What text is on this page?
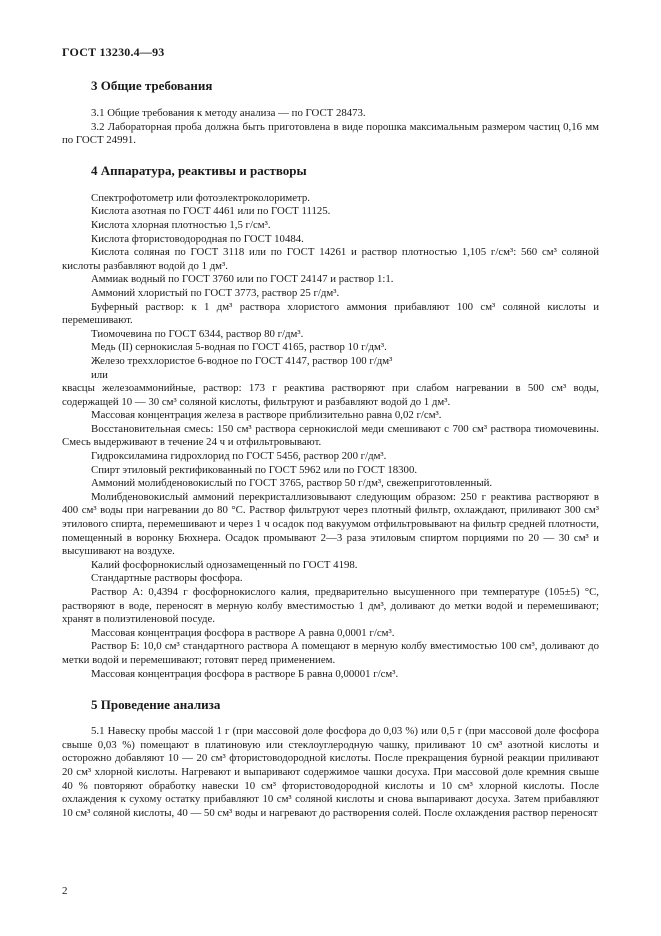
ГОСТ 13230.4—93
3 Общие требования

3.1 Общие требования к методу анализа — по ГОСТ 28473.

3.2 Лабораторная проба должна быть приготовлена в виде порошка максимальным размером частиц 0,16 мм по ГОСТ 24991.

4 Аппаратура, реактивы и растворы

Спектрофотометр или фотоэлектроколориметр.

Кислота азотная по ГОСТ 4461 или по ГОСТ 11125.

Кислота хлорная плотностью 1,5 г/см³.

Кислота фтористоводородная по ГОСТ 10484.

Кислота соляная по ГОСТ 3118 или по ГОСТ 14261 и раствор плотностью 1,105 г/см³: 560 см³ соляной кислоты разбавляют водой до 1 дм³.

Аммиак водный по ГОСТ 3760 или по ГОСТ 24147 и раствор 1:1.

Аммоний хлористый по ГОСТ 3773, раствор 25 г/дм³.

Буферный раствор: к 1 дм³ раствора хлористого аммония прибавляют 100 см³ соляной кислоты и перемешивают.

Тиомочевина по ГОСТ 6344, раствор 80 г/дм³.

Медь (II) сернокислая 5-водная по ГОСТ 4165, раствор 10 г/дм³.

Железо треххлористое 6-водное по ГОСТ 4147, раствор 100 г/дм³

или

квасцы железоаммонийные, раствор: 173 г реактива растворяют при слабом нагревании в 500 см³ воды, содержащей 10 — 30 см³ соляной кислоты, фильтруют и разбавляют водой до 1 дм³.

Массовая концентрация железа в растворе приблизительно равна 0,02 г/см³.

Восстановительная смесь: 150 см³ раствора сернокислой меди смешивают с 700 см³ раствора тиомочевины. Смесь выдерживают в течение 24 ч и отфильтровывают.

Гидроксиламина гидрохлорид по ГОСТ 5456, раствор 200 г/дм³.

Спирт этиловый ректификованный по ГОСТ 5962 или по ГОСТ 18300.

Аммоний молибденовокислый по ГОСТ 3765, раствор 50 г/дм³, свежеприготовленный.

Молибденовокислый аммоний перекристаллизовывают следующим образом: 250 г реактива растворяют в 400 см³ воды при нагревании до 80 °С. Раствор фильтруют через плотный фильтр, охлаждают, приливают 300 см³ этилового спирта, перемешивают и через 1 ч осадок под вакуумом отфильтровывают на фильтр средней плотности, помещенный в воронку Бюхнера. Осадок промывают 2—3 раза этиловым спиртом порциями по 20 — 30 см³ и высушивают на воздухе.

Калий фосфорнокислый однозамещенный по ГОСТ 4198.

Стандартные растворы фосфора.

Раствор А: 0,4394 г фосфорнокислого калия, предварительно высушенного при температуре (105±5) °С, растворяют в воде, переносят в мерную колбу вместимостью 1 дм³, доливают до метки водой и перемешивают; хранят в полиэтиленовой посуде.

Массовая концентрация фосфора в растворе А равна 0,0001 г/см³.

Раствор Б: 10,0 см³ стандартного раствора А помещают в мерную колбу вместимостью 100 см³, доливают до метки водой и перемешивают; готовят перед применением.

Массовая концентрация фосфора в растворе Б равна 0,00001 г/см³.

5 Проведение анализа

5.1 Навеску пробы массой 1 г (при массовой доле фосфора до 0,03 %) или 0,5 г (при массовой доле фосфора свыше 0,03 %) помещают в платиновую или стеклоуглеродную чашку, приливают 10 см³ азотной кислоты и осторожно добавляют 10 — 20 см³ фтористоводородной кислоты. После прекращения бурной реакции приливают 20 см³ хлорной кислоты. Нагревают и выпаривают содержимое чашки досуха. При массовой доле кремния свыше 40 % повторяют обработку навески 10 см³ фтористоводородной кислоты и 10 см³ хлорной кислоты. После охлаждения к сухому остатку прибавляют 10 см³ соляной кислоты и снова выпаривают досуха. Затем прибавляют 10 см³ соляной кислоты, 40 — 50 см³ воды и нагревают до растворения солей. После охлаждения раствор переносят

2
